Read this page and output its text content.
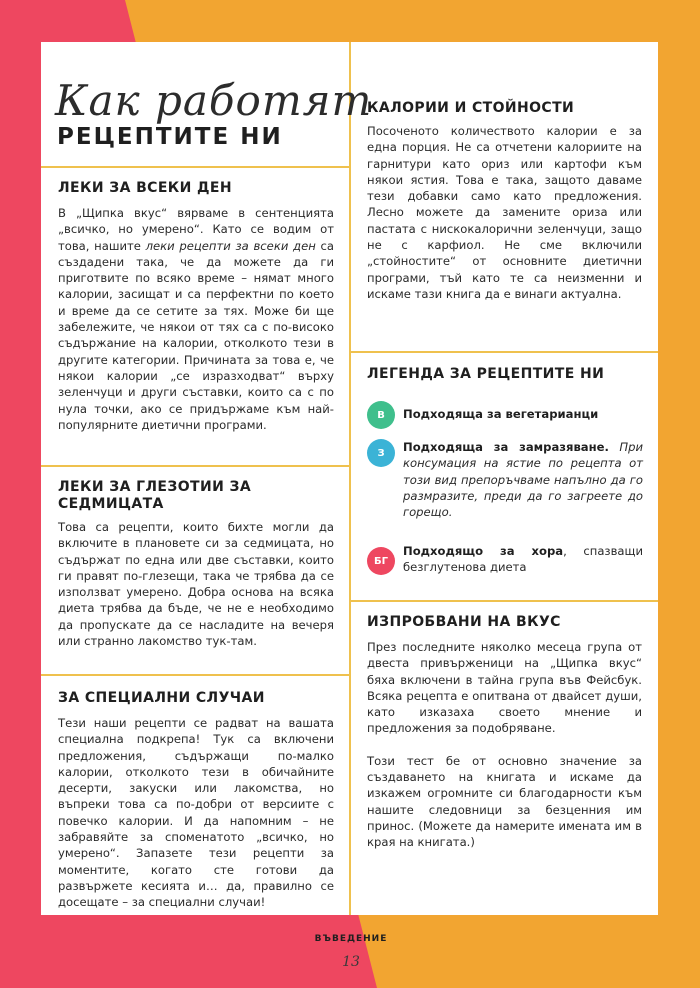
Как работят
РЕЦЕПТИТЕ НИ
ЛЕКИ ЗА ВСЕКИ ДЕН

В „Щипка вкус“ вярваме в сентенцията „всичко, но умерено“. Като се водим от това, нашите леки рецепти за всеки ден са създадени така, че да можете да ги приготвите по всяко време – нямат много калории, засищат и са перфектни по което и време да се сетите за тях. Може би ще забележите, че някои от тях са с по-високо съдържание на калории, отколкото тези в другите категории. Причината за това е, че някои калории „се изразходват“ върху зеленчуци и други съставки, които са с по нула точки, ако се придържаме към най-популярните диетични програми.

ЛЕКИ ЗА ГЛЕЗОТИИ ЗА СЕДМИЦАТА

Това са рецепти, които бихте могли да включите в плановете си за седмицата, но съдържат по една или две съставки, които ги правят по-глезещи, така че трябва да се използват умерено. Добра основа на всяка диета трябва да бъде, че не е необходимо да пропускате да се насладите на вечеря или странно лакомство тук-там.

ЗА СПЕЦИАЛНИ СЛУЧАИ

Тези наши рецепти се радват на вашата специална подкрепа! Тук са включени предложения, съдържащи по-малко калории, отколкото тези в обичайните десерти, закуски или лакомства, но въпреки това са по-добри от версиите с повечко калории. И да напомним – не забравяйте за споменатото „всичко, но умерено“. Запазете тези рецепти за моментите, когато сте готови да развържете кесията и… да, правилно се досещате – за специални случаи!

КАЛОРИИ И СТОЙНОСТИ

Посоченото количеството калории е за една порция. Не са отчетени калориите на гарнитури като ориз или картофи към някои ястия. Това е така, защото даваме тези добавки само като предложения. Лесно можете да замените ориза или пастата с нискокалорични зеленчуци, защо не с карфиол. Не сме включили „стойностите“ от основните диетични програми, тъй като те са неизменни и искаме тази книга да е винаги актуална.

ЛЕГЕНДА ЗА РЕЦЕПТИТЕ НИ
В	Подходяща за вегетарианци
З	Подходяща за замразяване. При консумация на ястие по рецепта от този вид препоръчваме напълно да го размразите, преди да го загреете до горещо.
БГ
Подходящо за хора, спазващи безглутенова диета
ИЗПРОБВАНИ НА ВКУС

През последните няколко месеца група от двеста привърженици на „Щипка вкус“ бяха включени в тайна група във Фейсбук. Всяка рецепта е опитвана от двайсет души, като изказаха своето мнение и предложения за подобряване.

Този тест бе от основно значение за създаването на книгата и искаме да изкажем огромните си благодарности към нашите следовници за безценния им принос. (Можете да намерите имената им в края на книгата.)

ВЪВЕДЕНИЕ
13
